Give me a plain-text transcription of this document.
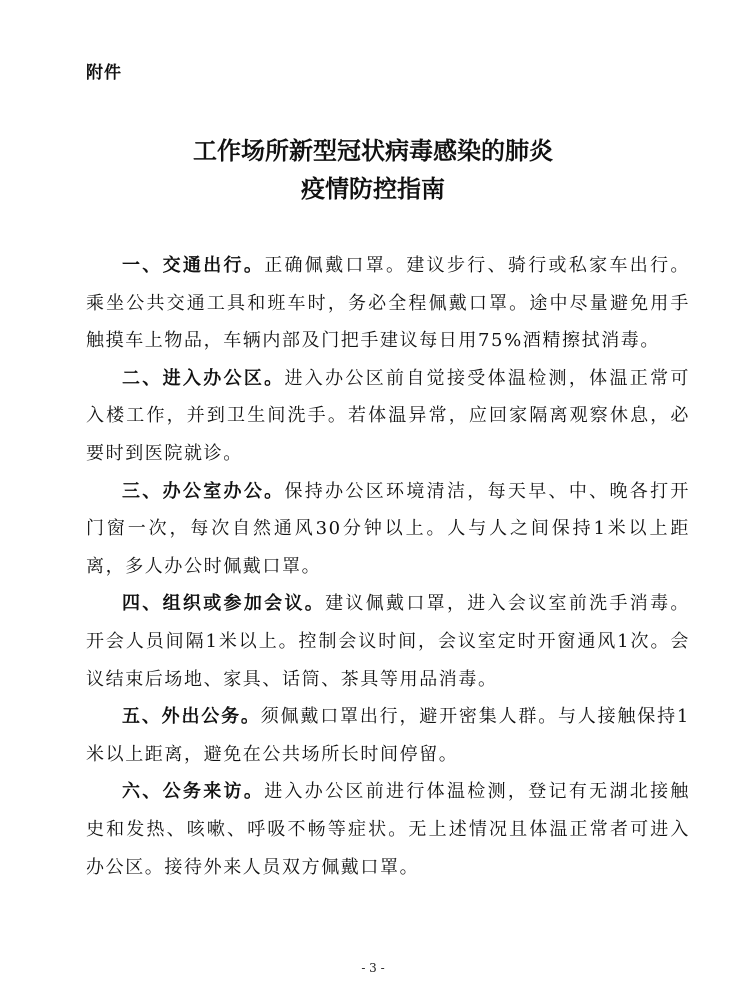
附件
工作场所新型冠状病毒感染的肺炎
疫情防控指南

一、交通出行。正确佩戴口罩。建议步行、骑行或私家车出行。乘坐公共交通工具和班车时，务必全程佩戴口罩。途中尽量避免用手触摸车上物品，车辆内部及门把手建议每日用75%酒精擦拭消毒。

二、进入办公区。进入办公区前自觉接受体温检测，体温正常可入楼工作，并到卫生间洗手。若体温异常，应回家隔离观察休息，必要时到医院就诊。

三、办公室办公。保持办公区环境清洁，每天早、中、晚各打开门窗一次，每次自然通风30分钟以上。人与人之间保持1米以上距离，多人办公时佩戴口罩。

四、组织或参加会议。建议佩戴口罩，进入会议室前洗手消毒。开会人员间隔1米以上。控制会议时间，会议室定时开窗通风1次。会议结束后场地、家具、话筒、茶具等用品消毒。

五、外出公务。须佩戴口罩出行，避开密集人群。与人接触保持1米以上距离，避免在公共场所长时间停留。

六、公务来访。进入办公区前进行体温检测，登记有无湖北接触史和发热、咳嗽、呼吸不畅等症状。无上述情况且体温正常者可进入办公区。接待外来人员双方佩戴口罩。

- 3 -
